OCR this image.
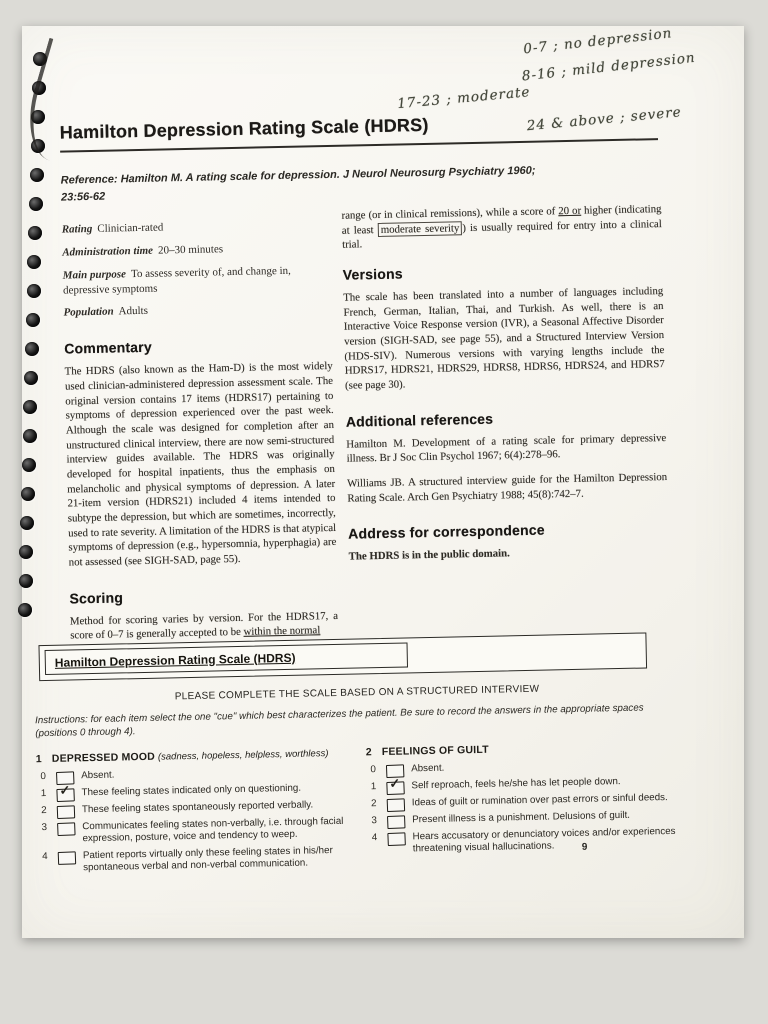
0-7 ; no depression
8-16 ; mild depression
17-23 ; moderate
24 & above ; severe
Hamilton Depression Rating Scale (HDRS)

Reference: Hamilton M. A rating scale for depression. J Neurol Neurosurg Psychiatry 1960;
23:56-62

Rating Clinician-rated
Administration time 20–30 minutes
Main purpose To assess severity of, and change in, depressive symptoms
Population Adults
Commentary

The HDRS (also known as the Ham-D) is the most widely used clinician-administered depression assessment scale. The original version contains 17 items (HDRS17) pertaining to symptoms of depression experienced over the past week. Although the scale was designed for completion after an unstructured clinical interview, there are now semi-structured interview guides available. The HDRS was originally developed for hospital inpatients, thus the emphasis on melancholic and physical symptoms of depression. A later 21-item version (HDRS21) included 4 items intended to subtype the depression, but which are sometimes, incorrectly, used to rate severity. A limitation of the HDRS is that atypical symptoms of depression (e.g., hypersomnia, hyperphagia) are not assessed (see SIGH-SAD, page 55).

Scoring

Method for scoring varies by version. For the HDRS17, a score of 0–7 is generally accepted to be within the normal

range (or in clinical remissions), while a score of 20 or higher (indicating at least moderate severity ) is usually required for entry into a clinical trial.

Versions

The scale has been translated into a number of languages including French, German, Italian, Thai, and Turkish. As well, there is an Interactive Voice Response version (IVR), a Seasonal Affective Disorder version (SIGH-SAD, see page 55), and a Structured Interview Version (HDS-SIV). Numerous versions with varying lengths include the HDRS17, HDRS21, HDRS29, HDRS8, HDRS6, HDRS24, and HDRS7 (see page 30).

Additional references

Hamilton M. Development of a rating scale for primary depressive illness. Br J Soc Clin Psychol 1967; 6(4):278–96.

Williams JB. A structured interview guide for the Hamilton Depression Rating Scale. Arch Gen Psychiatry 1988; 45(8):742–7.

Address for correspondence

The HDRS is in the public domain.

Hamilton Depression Rating Scale (HDRS)
PLEASE COMPLETE THE SCALE BASED ON A STRUCTURED INTERVIEW
Instructions: for each item select the one "cue" which best characterizes the patient. Be sure to record the answers in the appropriate spaces (positions 0 through 4).
1 DEPRESSED MOOD (sadness, hopeless, helpless, worthless)
0	Absent.
1 ✓ These feeling states indicated only on questioning.
2	These feeling states spontaneously reported verbally.
3	Communicates feeling states non-verbally, i.e. through facial expression, posture, voice and tendency to weep.
4	Patient reports virtually only these feeling states in his/her spontaneous verbal and non-verbal communication.
2 FEELINGS OF GUILT
0	Absent.
1 ✓ Self reproach, feels he/she has let people down.
2	Ideas of guilt or rumination over past errors or sinful deeds.
3	Present illness is a punishment. Delusions of guilt.
4	Hears accusatory or denunciatory voices and/or experiences threatening visual hallucinations.	9
